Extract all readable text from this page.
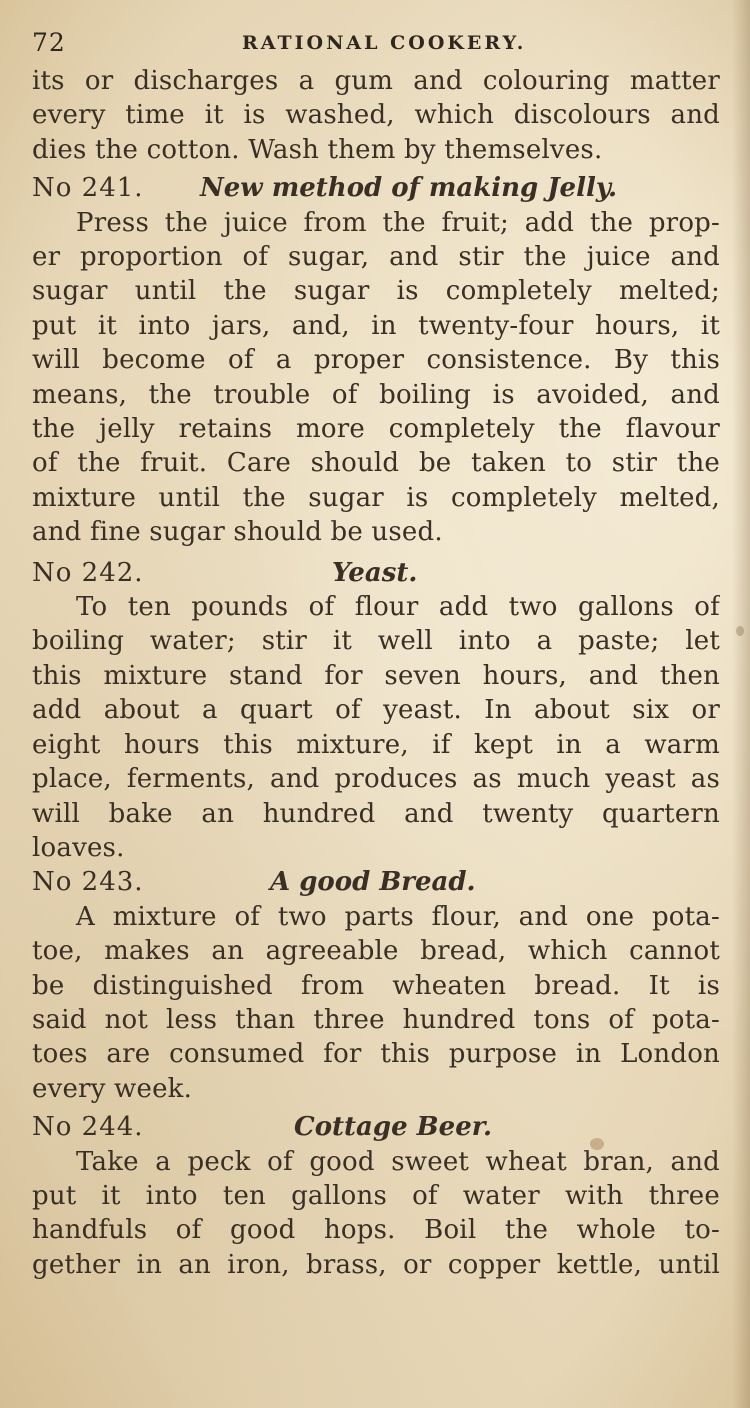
72	RATIONAL COOKERY.
its or discharges a gum and colouring matter
every time it is washed, which discolours and
dies the cotton. Wash them by themselves.
No 241. New method of making Jelly.
Press the juice from the fruit; add the prop-
er proportion of sugar, and stir the juice and
sugar until the sugar is completely melted;
put it into jars, and, in twenty-four hours, it
will become of a proper consistence. By this
means, the trouble of boiling is avoided, and
the jelly retains more completely the flavour
of the fruit. Care should be taken to stir the
mixture until the sugar is completely melted,
and fine sugar should be used.
No 242.	Yeast.
To ten pounds of flour add two gallons of
boiling water; stir it well into a paste; let
this mixture stand for seven hours, and then
add about a quart of yeast. In about six or
eight hours this mixture, if kept in a warm
place, ferments, and produces as much yeast as
will bake an hundred and twenty quartern
loaves.
No 243.	A good Bread.
A mixture of two parts flour, and one pota-
toe, makes an agreeable bread, which cannot
be distinguished from wheaten bread. It is
said not less than three hundred tons of pota-
toes are consumed for this purpose in London
every week.
No 244.	Cottage Beer.
Take a peck of good sweet wheat bran, and
put it into ten gallons of water with three
handfuls of good hops. Boil the whole to-
gether in an iron, brass, or copper kettle, until
